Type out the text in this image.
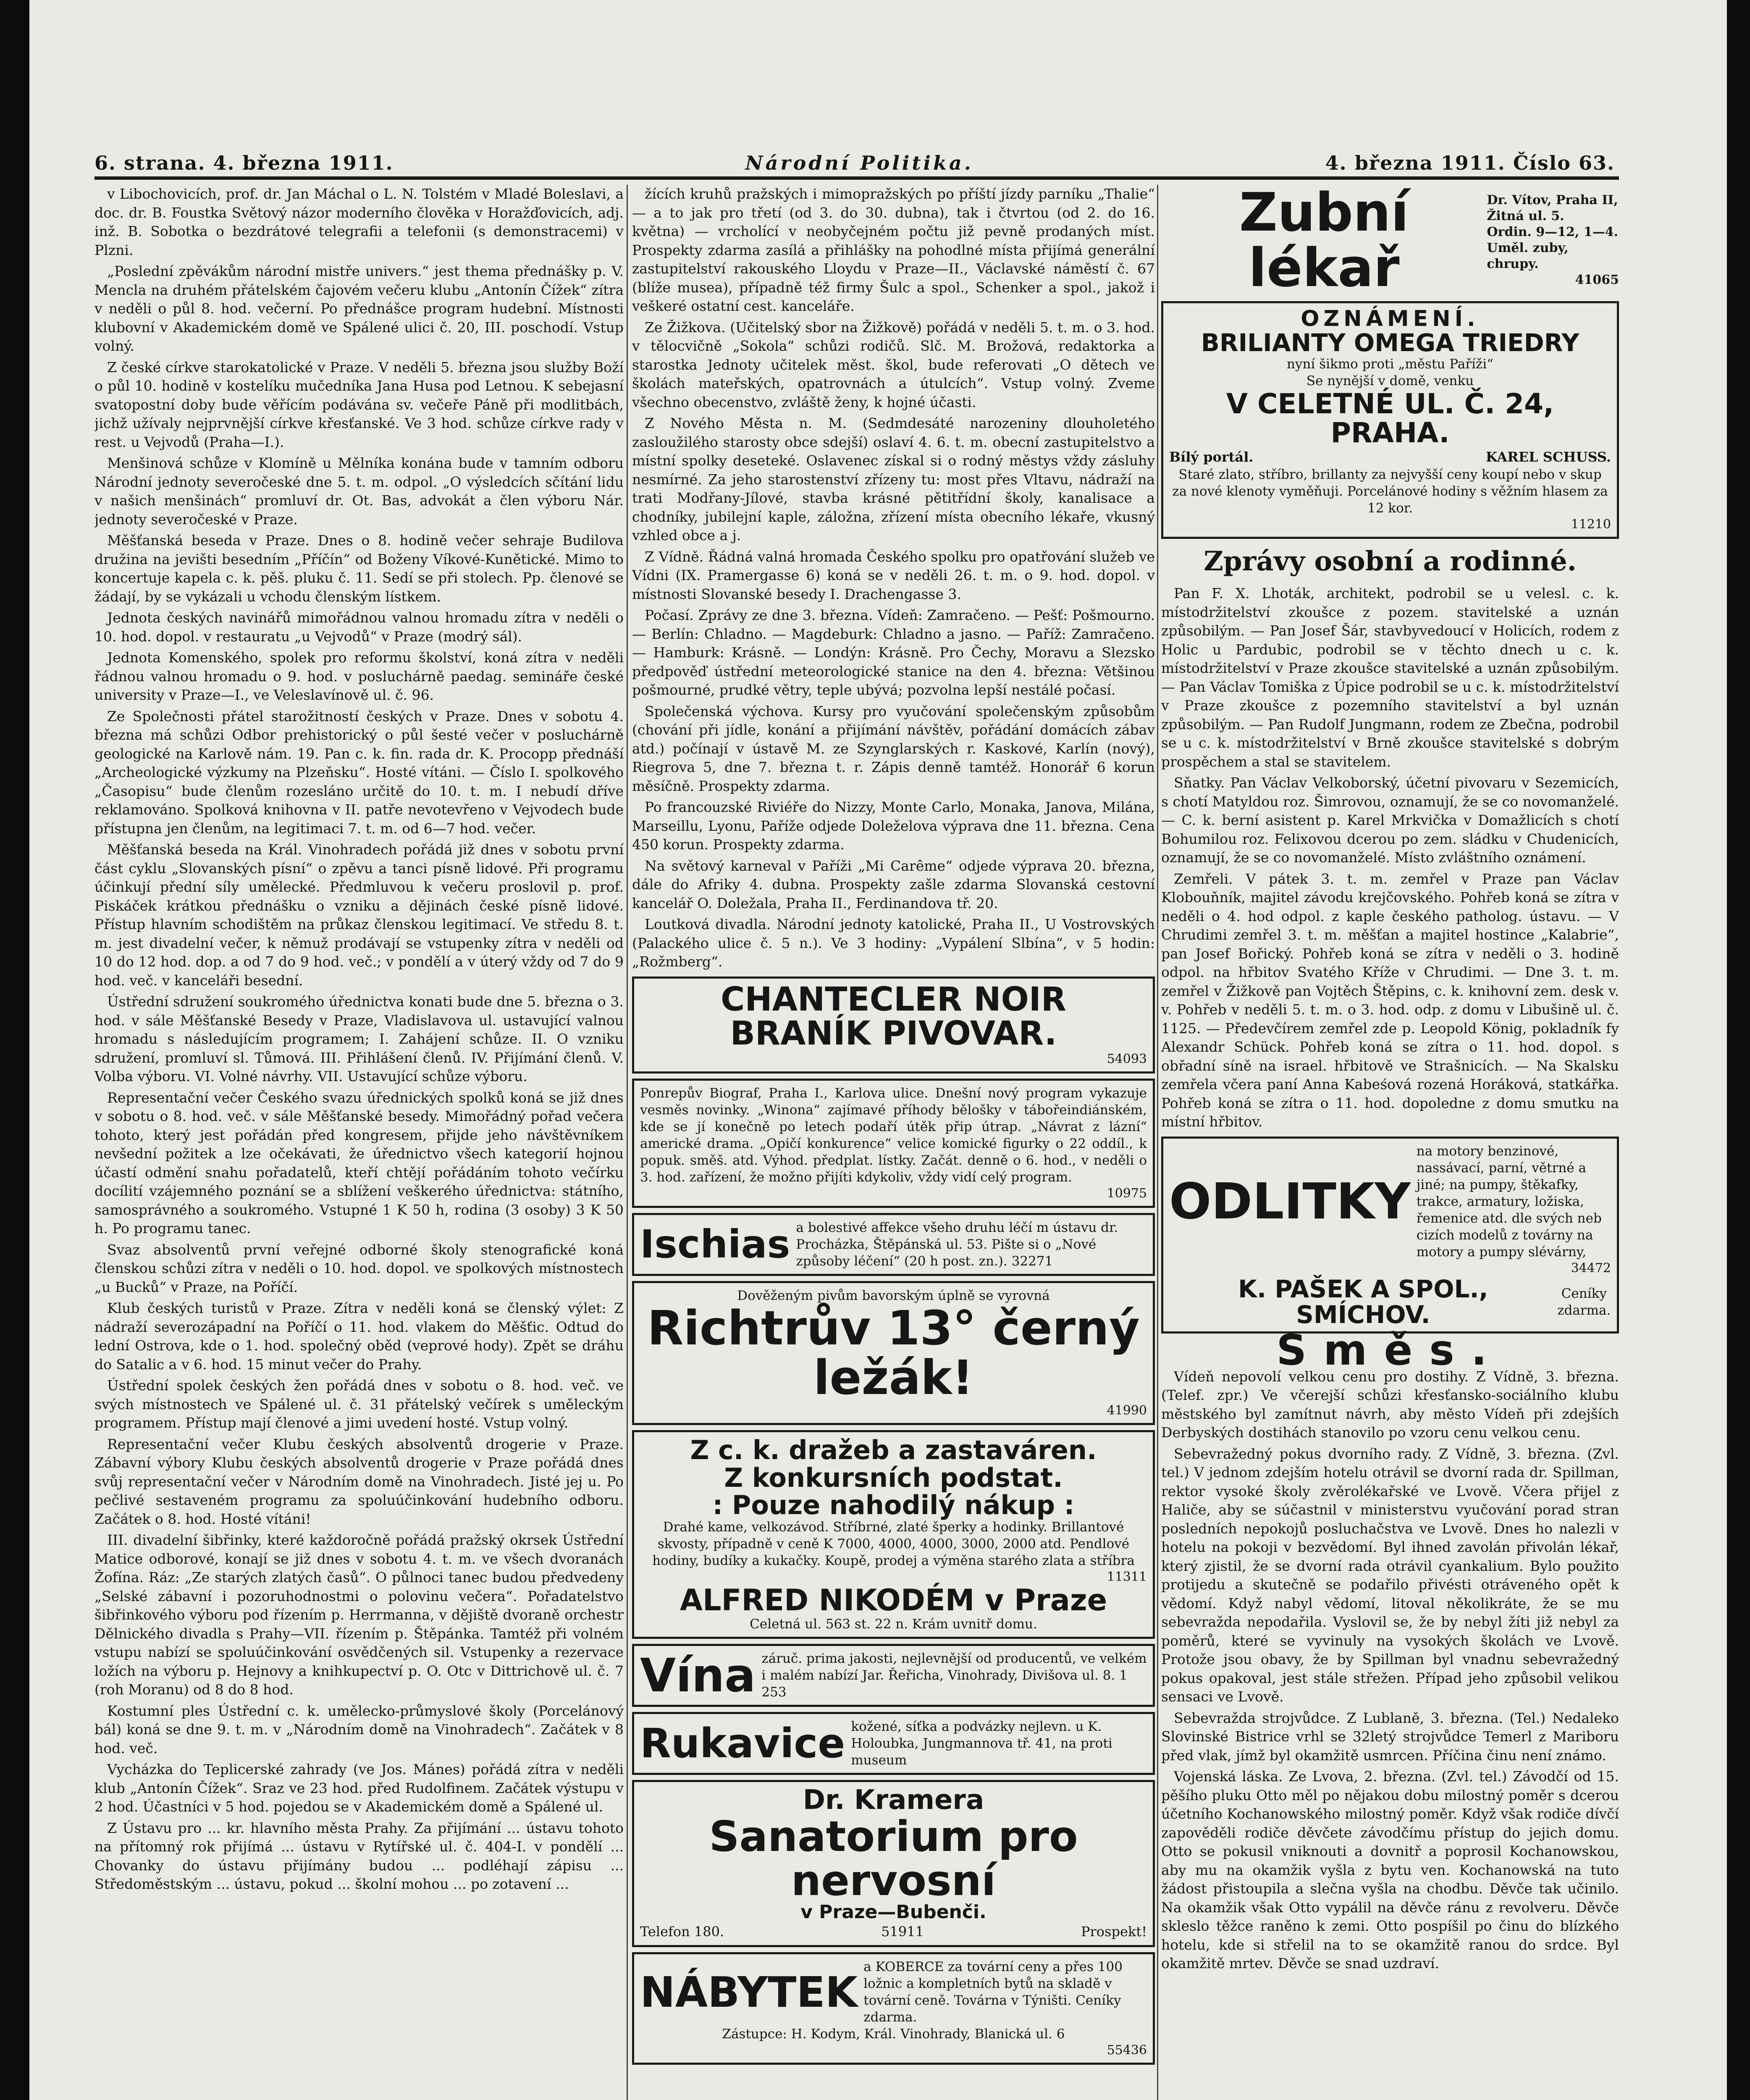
6. strana. 4. března 1911.	Národní Politika.	4. března 1911. Číslo 63.

v Libochovicích, prof. dr. Jan Máchal o L. N. Tolstém v Mladé Boleslavi, a doc. dr. B. Foustka Světový názor moderního člověka v Horažďovicích, adj. inž. B. Sobotka o bezdrátové telegrafii a telefonii (s demonstracemi) v Plzni.

„Poslední zpěvákům národní mistře univers.“ jest thema přednášky p. V. Mencla na druhém přátelském čajovém večeru klubu „Antonín Čížek“ zítra v neděli o půl 8. hod. večerní. Po přednášce program hudební. Místnosti klubovní v Akademickém domě ve Spálené ulici č. 20, III. poschodí. Vstup volný.

Z české církve starokatolické v Praze. V neděli 5. března jsou služby Boží o půl 10. hodině v kostelíku mučedníka Jana Husa pod Letnou. K sebejasní svatopostní doby bude věřícím podávána sv. večeře Páně při modlitbách, jichž užívaly nejprvnější církve křesťanské. Ve 3 hod. schůze církve rady v rest. u Vejvodů (Praha—I.).

Menšinová schůze v Klomíně u Mělníka konána bude v tamním odboru Národní jednoty severočeské dne 5. t. m. odpol. „O výsledcích sčítání lidu v našich menšinách“ promluví dr. Ot. Bas, advokát a člen výboru Nár. jednoty severočeské v Praze.

Měšťanská beseda v Praze. Dnes o 8. hodině večer sehraje Budilova družina na jevišti besedním „Příčín“ od Boženy Víkové-Kunětické. Mimo to koncertuje kapela c. k. pěš. pluku č. 11. Sedí se při stolech. Pp. členové se žádají, by se vykázali u vchodu členským lístkem.

Jednota českých navinářů mimořádnou valnou hromadu zítra v neděli o 10. hod. dopol. v restauratu „u Vejvodů“ v Praze (modrý sál).

Jednota Komenského, spolek pro reformu školství, koná zítra v neděli řádnou valnou hromadu o 9. hod. v posluchárně paedag. semináře české university v Praze—I., ve Veleslavínově ul. č. 96.

Ze Společnosti přátel starožitností českých v Praze. Dnes v sobotu 4. března má schůzi Odbor prehistorický o půl šesté večer v posluchárně geologické na Karlově nám. 19. Pan c. k. fin. rada dr. K. Procopp přednáší „Archeologické výzkumy na Plzeňsku“. Hosté vítáni. — Číslo I. spolkového „Časopisu“ bude členům rozesláno určitě do 10. t. m. I nebudí dříve reklamováno. Spolková knihovna v II. patře nevotevřeno v Vejvodech bude přístupna jen členům, na legitimaci 7. t. m. od 6—7 hod. večer.

Měšťanská beseda na Král. Vinohradech pořádá již dnes v sobotu první část cyklu „Slovanských písní“ o zpěvu a tanci písně lidové. Při programu účinkují přední síly umělecké. Předmluvou k večeru proslovil p. prof. Piskáček krátkou přednášku o vzniku a dějinách české písně lidové. Přístup hlavním schodištěm na průkaz členskou legitimací. Ve středu 8. t. m. jest divadelní večer, k němuž prodávají se vstupenky zítra v neděli od 10 do 12 hod. dop. a od 7 do 9 hod. več.; v pondělí a v úterý vždy od 7 do 9 hod. več. v kanceláři besední.

Ústřední sdružení soukromého úřednictva konati bude dne 5. března o 3. hod. v sále Měšťanské Besedy v Praze, Vladislavova ul. ustavující valnou hromadu s následujícím programem; I. Zahájení schůze. II. O vzniku sdružení, promluví sl. Tůmová. III. Přihlášení členů. IV. Přijímání členů. V. Volba výboru. VI. Volné návrhy. VII. Ustavující schůze výboru.

Representační večer Českého svazu úřednických spolků koná se již dnes v sobotu o 8. hod. več. v sále Měšťanské besedy. Mimořádný pořad večera tohoto, který jest pořádán před kongresem, přijde jeho návštěvníkem nevšední požitek a lze očekávati, že úřednictvo všech kategorií hojnou účastí odmění snahu pořadatelů, kteří chtějí pořádáním tohoto večírku docílití vzájemného poznání se a sblížení veškerého úřednictva: státního, samosprávného a soukromého. Vstupné 1 K 50 h, rodina (3 osoby) 3 K 50 h. Po programu tanec.

Svaz absolventů první veřejné odborné školy stenografické koná členskou schůzi zítra v neděli o 10. hod. dopol. ve spolkových místnostech „u Bucků“ v Praze, na Poříčí.

Klub českých turistů v Praze. Zítra v neděli koná se členský výlet: Z nádraží severozápadní na Poříčí o 11. hod. vlakem do Měšťic. Odtud do lední Ostrova, kde o 1. hod. společný oběd (veprové hody). Zpět se dráhu do Satalic a v 6. hod. 15 minut večer do Prahy.

Ústřední spolek českých žen pořádá dnes v sobotu o 8. hod. več. ve svých místnostech ve Spálené ul. č. 31 přátelský večírek s uměleckým programem. Přístup mají členové a jimi uvedení hosté. Vstup volný.

Representační večer Klubu českých absolventů drogerie v Praze. Zábavní výbory Klubu českých absolventů drogerie v Praze pořádá dnes svůj representační večer v Národním domě na Vinohradech. Jisté jej u. Po pečlivé sestaveném programu za spoluúčinkování hudebního odboru. Začátek o 8. hod. Hosté vítáni!

III. divadelní šibřinky, které každoročně pořádá pražský okrsek Ústřední Matice odborové, konají se již dnes v sobotu 4. t. m. ve všech dvoranách Žofína. Ráz: „Ze starých zlatých časů“. O půlnoci tanec budou předvedeny „Selské zábavní i pozoruhodnostmi o polovinu večera“. Pořadatelstvo šibřinkového výboru pod řízením p. Herrmanna, v dějiště dvoraně orchestr Dělnického divadla s Prahy—VII. řízením p. Štěpánka. Tamtéž při volném vstupu nabízí se spoluúčinkování osvědčených sil. Vstupenky a rezervace ložích na výboru p. Hejnovy a knihkupectví p. O. Otc v Dittrichově ul. č. 7 (roh Moranu) od 8 do 8 hod.

Kostumní ples Ústřední c. k. umělecko-průmyslové školy (Porcelánový bál) koná se dne 9. t. m. v „Národním domě na Vinohradech“. Začátek v 8 hod. več.

Vycházka do Teplicerské zahrady (ve Jos. Mánes) pořádá zítra v neděli klub „Antonín Čížek“. Sraz ve 23 hod. před Rudolfinem. Začátek výstupu v 2 hod. Účastníci v 5 hod. pojedou se v Akademickém domě a Spálené ul.

Z Ústavu pro ... kr. hlavního města Prahy. Za přijímání ... ústavu tohoto na přítomný rok přijímá ... ústavu v Rytířské ul. č. 404-I. v pondělí ... Chovanky do ústavu přijímány budou ... podléhají zápisu ... Středoměstským ... ústavu, pokud ... školní mohou ... po zotavení ...

žících kruhů pražských i mimopražských po příští jízdy parníku „Thalie“ — a to jak pro třetí (od 3. do 30. dubna), tak i čtvrtou (od 2. do 16. května) — vrcholící v neobyčejném počtu již pevně prodaných míst. Prospekty zdarma zasílá a přihlášky na pohodlné místa přijímá generální zastupitelství rakouského Lloydu v Praze—II., Václavské náměstí č. 67 (blíže musea), případně též firmy Šulc a spol., Schenker a spol., jakož i veškeré ostatní cest. kanceláře.

Ze Žižkova. (Učitelský sbor na Žižkově) pořádá v neděli 5. t. m. o 3. hod. v tělocvičně „Sokola“ schůzi rodičů. Slč. M. Brožová, redaktorka a starostka Jednoty učitelek měst. škol, bude referovati „O dětech ve školách mateřských, opatrovnách a útulcích“. Vstup volný. Zveme všechno obecenstvo, zvláště ženy, k hojné účasti.

Z Nového Města n. M. (Sedmdesáté narozeniny dlouholetého zasloužilého starosty obce sdejší) oslaví 4. 6. t. m. obecní zastupitelstvo a místní spolky deseteké. Oslavenec získal si o rodný městys vždy zásluhy nesmírné. Za jeho starostenství zřízeny tu: most přes Vltavu, nádraží na trati Modřany-Jílové, stavba krásné pětitřídní školy, kanalisace a chodníky, jubilejní kaple, záložna, zřízení místa obecního lékaře, vkusný vzhled obce a j.

Z Vídně. Řádná valná hromada Českého spolku pro opatřování služeb ve Vídni (IX. Pramergasse 6) koná se v neděli 26. t. m. o 9. hod. dopol. v místnosti Slovanské besedy I. Drachengasse 3.

Počasí. Zprávy ze dne 3. března. Vídeň: Zamračeno. — Pešť: Pošmourno. — Berlín: Chladno. — Magdeburk: Chladno a jasno. — Paříž: Zamračeno. — Hamburk: Krásně. — Londýn: Krásně. Pro Čechy, Moravu a Slezsko předpověď ústřední meteorologické stanice na den 4. března: Většinou pošmourné, prudké větry, teple ubývá; pozvolna lepší nestálé počasí.

Společenská výchova. Kursy pro vyučování společenským způsobům (chování při jídle, konání a přijímání návštěv, pořádání domácích zábav atd.) počínají v ústavě M. ze Szynglarských r. Kaskové, Karlín (nový), Riegrova 5, dne 7. března t. r. Zápis denně tamtéž. Honorář 6 korun měsíčně. Prospekty zdarma.

Po francouzské Riviéře do Nizzy, Monte Carlo, Monaka, Janova, Milána, Marseillu, Lyonu, Paříže odjede Doleželova výprava dne 11. března. Cena 450 korun. Prospekty zdarma.

Na světový karneval v Paříži „Mi Carême“ odjede výprava 20. března, dále do Afriky 4. dubna. Prospekty zašle zdarma Slovanská cestovní kancelář O. Doležala, Praha II., Ferdinandova tř. 20.

Loutková divadla. Národní jednoty katolické, Praha II., U Vostrovských (Palackého ulice č. 5 n.). Ve 3 hodiny: „Vypálení Slbína“, v 5 hodin: „Rožmberg“.

CHANTECLER NOIR
BRANÍK PIVOVAR.
54093
Ponrepův Biograf, Praha I., Karlova ulice. Dnešní nový program vykazuje vesměs novinky. „Winona“ zajímavé příhody bělošky v tábořeindiánském, kde se jí konečně po letech podaří útěk přip útrap. „Návrat z lázní“ americké drama. „Opičí konkurence“ velice komické figurky o 22 oddíl., k popuk. směš. atd. Výhod. předplat. lístky. Začát. denně o 6. hod., v neděli o 3. hod. zařízení, že možno přijíti kdykoliv, vždy vidí celý program.
10975
Ischias a bolestivé affekce všeho druhu léčí m ústavu dr. Procházka, Štěpánská ul. 53. Pište si o „Nové způsoby léčení“ (20 h post. zn.). 32271
Dověženým pivům bavorským úplně se vyrovná
Richtrův 13° černý ležák!
41990
Z c. k. dražeb a zastaváren.
Z konkursních podstat.
: Pouze nahodilý nákup :
Drahé kame, velkozávod. Stříbrné, zlaté šperky a hodinky. Brillantové skvosty, případně v ceně K 7000, 4000, 4000, 3000, 2000 atd. Pendlové hodiny, budíky a kukačky. Koupě, prodej a výměna starého zlata a stříbra
11311
ALFRED NIKODÉM v Praze
Celetná ul. 563 st. 22 n. Krám uvnitř domu.
Vína záruč. prima jakosti, nejlevnější od producentů, ve velkém i malém nabízí Jar. Řeřicha, Vinohrady, Divišova ul. 8. 1 253
Rukavice kožené, síťka a podvázky nejlevn. u K. Holoubka, Jungmannova tř. 41, na proti museum
Dr. Kramera
Sanatorium pro nervosní
v Praze—Bubenči.
Telefon 180.	51911	Prospekt!
NÁBYTEK
a KOBERCE za tovární ceny a přes 100 ložnic a kompletních bytů na skladě v tovární ceně. Továrna v Týništi. Ceníky zdarma.
Zástupce: H. Kodym, Král. Vinohrady, Blanická ul. 6
55436
Zubní lékař
Dr. Vítov, Praha II,
Žitná ul. 5.
Ordin. 9—12, 1—4.
Uměl. zuby, chrupy.
41065
OZNÁMENÍ.
BRILIANTY OMEGA TRIEDRY
nyní šikmo proti „městu Paříži“
Se nynější v domě, venku
V CELETNÉ UL. Č. 24, PRAHA.
Bílý portál.	KAREL SCHUSS.
Staré zlato, stříbro, brillanty za nejvyšší ceny koupí nebo v skup za nové klenoty vyměňuji. Porcelánové hodiny s věžním hlasem za 12 kor.
11210
Zprávy osobní a rodinné.

Pan F. X. Lhoták, architekt, podrobil se u velesl. c. k. místodržitelství zkoušce z pozem. stavitelské a uznán způsobilým. — Pan Josef Šár, stavbyvedoucí v Holicích, rodem z Holic u Pardubic, podrobil se v těchto dnech u c. k. místodržitelství v Praze zkoušce stavitelské a uznán způsobilým. — Pan Václav Tomiška z Úpice podrobil se u c. k. místodržitelství v Praze zkoušce z pozemního stavitelství a byl uznán způsobilým. — Pan Rudolf Jungmann, rodem ze Zbečna, podrobil se u c. k. místodržitelství v Brně zkoušce stavitelské s dobrým prospěchem a stal se stavitelem.

Sňatky. Pan Václav Velkoborský, účetní pivovaru v Sezemicích, s chotí Matyldou roz. Šimrovou, oznamují, že se co novomanželé. — C. k. berní asistent p. Karel Mrkvička v Domažlicích s chotí Bohumilou roz. Felixovou dcerou po zem. sládku v Chudenicích, oznamují, že se co novomanželé. Místo zvláštního oznámení.

Zemřeli. V pátek 3. t. m. zemřel v Praze pan Václav Klobouňník, majitel závodu krejčovského. Pohřeb koná se zítra v neděli o 4. hod odpol. z kaple českého patholog. ústavu. — V Chrudimi zemřel 3. t. m. měšťan a majitel hostince „Kalabrie“, pan Josef Bořický. Pohřeb koná se zítra v neděli o 3. hodině odpol. na hřbitov Svatého Kříže v Chrudimi. — Dne 3. t. m. zemřel v Žižkově pan Vojtěch Štěpins, c. k. knihovní zem. desk v. v. Pohřeb v neděli 5. t. m. o 3. hod. odp. z domu v Libušině ul. č. 1125. — Předevčírem zemřel zde p. Leopold König, pokladník fy Alexandr Schück. Pohřeb koná se zítra o 11. hod. dopol. s obřadní síně na israel. hřbitově ve Strašnicích. — Na Skalsku zemřela včera paní Anna Kabeśová rozená Horáková, statkářka. Pohřeb koná se zítra o 11. hod. dopoledne z domu smutku na místní hřbitov.

ODLITKY
na motory benzinové, nassávací, parní, větrné a jiné; na pumpy, štěkafky, trakce, armatury, ložiska, řemenice atd. dle svých neb cizích modelů z továrny na motory a pumpy slévárny,
34472
K. PAŠEK A SPOL., SMÍCHOV.
Ceníky zdarma.
Směs.

Vídeň nepovolí velkou cenu pro dostihy. Z Vídně, 3. března. (Telef. zpr.) Ve včerejší schůzi křesťansko-sociálního klubu městského byl zamítnut návrh, aby město Vídeň při zdejších Derbyských dostihách stanovilo po vzoru cenu velkou cenu.

Sebevražedný pokus dvorního rady. Z Vídně, 3. března. (Zvl. tel.) V jednom zdejším hotelu otrávil se dvorní rada dr. Spillman, rektor vysoké školy zvěrolékařské ve Lvově. Včera přijel z Haliče, aby se súčastnil v ministerstvu vyučování porad stran posledních nepokojů posluchačstva ve Lvově. Dnes ho nalezli v hotelu na pokoji v bezvědomí. Byl ihned zavolán přivolán lékař, který zjistil, že se dvorní rada otrávil cyankalium. Bylo použito protijedu a skutečně se podařilo přivésti otráveného opět k vědomí. Když nabyl vědomí, litoval několikráte, že se mu sebevražda nepodařila. Vyslovil se, že by nebyl žíti již nebyl za poměrů, které se vyvinuly na vysokých školách ve Lvově. Protože jsou obavy, že by Spillman byl vnadnu sebevražedný pokus opakoval, jest stále střežen. Případ jeho způsobil velikou sensaci ve Lvově.

Sebevražda strojvůdce. Z Lublaně, 3. března. (Tel.) Nedaleko Slovinské Bistrice vrhl se 32letý strojvůdce Temerl z Mariboru před vlak, jímž byl okamžitě usmrcen. Příčina činu není známo.

Vojenská láska. Ze Lvova, 2. března. (Zvl. tel.) Závodčí od 15. pěšího pluku Otto měl po nějakou dobu milostný poměr s dcerou účetního Kochanowského milostný poměr. Když však rodiče dívčí zapověděli rodiče děvčete závodčímu přístup do jejich domu. Otto se pokusil vniknouti a dovnitř a poprosil Kochanowskou, aby mu na okamžik vyšla z bytu ven. Kochanowská na tuto žádost přistoupila a slečna vyšla na chodbu. Děvče tak učinilo. Na okamžik však Otto vypálil na děvče ránu z revolveru. Děvče skleslo těžce raněno k zemi. Otto pospíšil po činu do blízkého hotelu, kde si střelil na to se okamžitě ranou do srdce. Byl okamžitě mrtev. Děvče se snad uzdraví.
